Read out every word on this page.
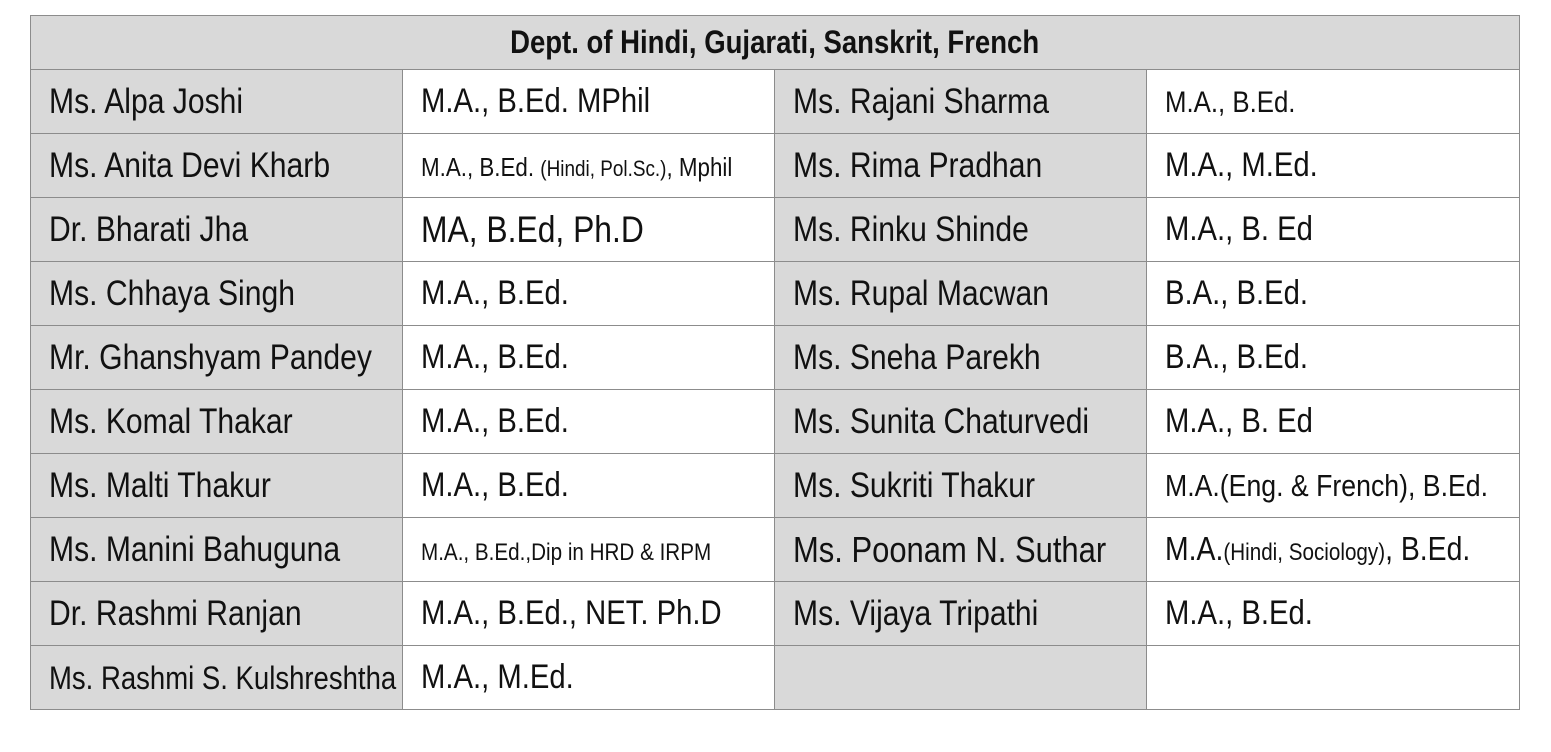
Dept. of Hindi, Gujarati, Sanskrit, French			
Ms. Alpa Joshi	M.A., B.Ed. MPhil	Ms. Rajani Sharma	M.A., B.Ed.
Ms. Anita Devi Kharb	M.A., B.Ed. (Hindi, Pol.Sc.), Mphil	Ms. Rima Pradhan	M.A., M.Ed.
Dr. Bharati Jha	MA, B.Ed, Ph.D	Ms. Rinku Shinde	M.A., B. Ed
Ms. Chhaya Singh	M.A., B.Ed.	Ms. Rupal Macwan	B.A., B.Ed.
Mr. Ghanshyam Pandey	M.A., B.Ed.	Ms. Sneha Parekh	B.A., B.Ed.
Ms. Komal Thakar	M.A., B.Ed.	Ms. Sunita Chaturvedi	M.A., B. Ed
Ms. Malti Thakur	M.A., B.Ed.	Ms. Sukriti Thakur	M.A.(Eng. & French), B.Ed.
Ms. Manini Bahuguna	M.A., B.Ed.,Dip in HRD & IRPM	Ms. Poonam N. Suthar	M.A.(Hindi, Sociology), B.Ed.
Dr. Rashmi Ranjan	M.A., B.Ed., NET. Ph.D	Ms. Vijaya Tripathi	M.A., B.Ed.
Ms. Rashmi S. Kulshreshtha	M.A., M.Ed.		
